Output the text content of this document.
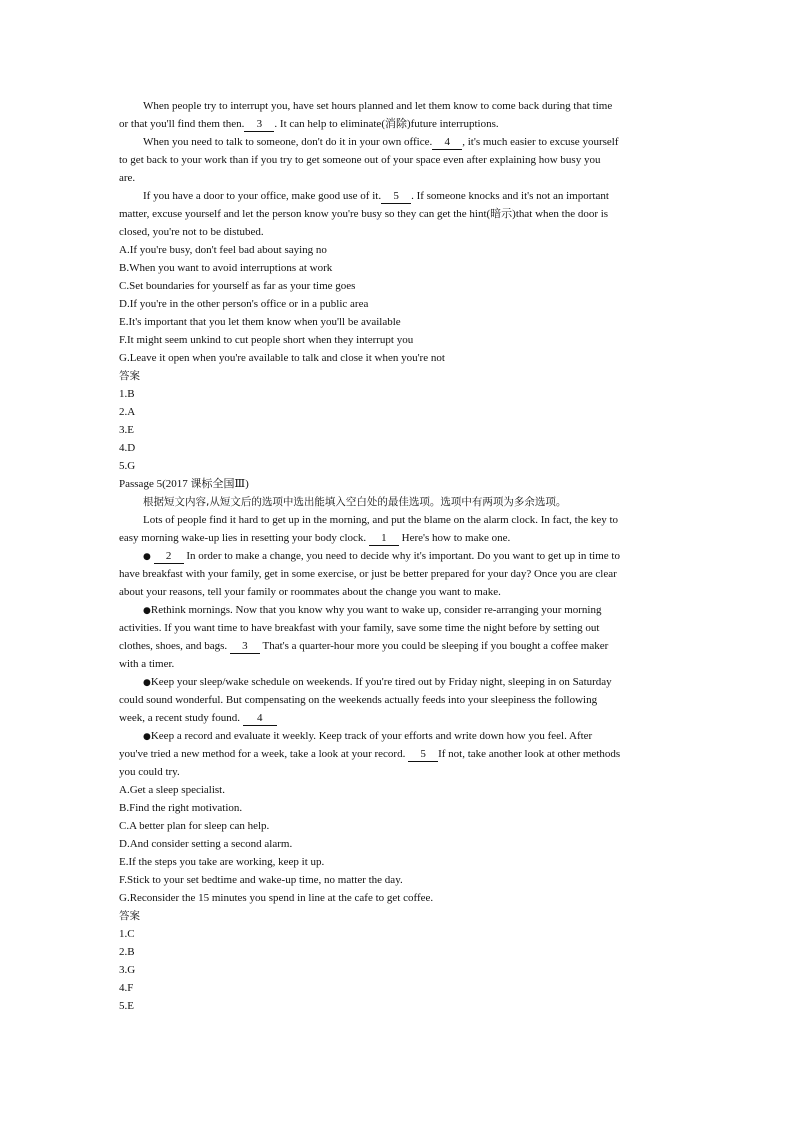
When people try to interrupt you, have set hours planned and let them know to come back during that time

or that you'll find them then. 3 . It can help to eliminate(消除)future interruptions.

When you need to talk to someone, don't do it in your own office. 4 , it's much easier to excuse yourself

to get back to your work than if you try to get someone out of your space even after explaining how busy you

are.

If you have a door to your office, make good use of it. 5 . If someone knocks and it's not an important

matter, excuse yourself and let the person know you're busy so they can get the hint(暗示)that when the door is

closed, you're not to be distubed.

A.If you're busy, don't feel bad about saying no

B.When you want to avoid interruptions at work

C.Set boundaries for yourself as far as your time goes

D.If you're in the other person's office or in a public area

E.It's important that you let them know when you'll be available

F.It might seem unkind to cut people short when they interrupt you

G.Leave it open when you're available to talk and close it when you're not

答案

1.B

2.A

3.E

4.D

5.G

Passage 5(2017 课标全国Ⅲ)

根据短文内容,从短文后的选项中选出能填入空白处的最佳选项。选项中有两项为多余选项。

Lots of people find it hard to get up in the morning, and put the blame on the alarm clock. In fact, the key to

easy morning wake-up lies in resetting your body clock. 1 Here's how to make one.

● 2 In order to make a change, you need to decide why it's important. Do you want to get up in time to

have breakfast with your family, get in some exercise, or just be better prepared for your day? Once you are clear

about your reasons, tell your family or roommates about the change you want to make.

●Rethink mornings. Now that you know why you want to wake up, consider re-arranging your morning

activities. If you want time to have breakfast with your family, save some time the night before by setting out

clothes, shoes, and bags. 3 That's a quarter-hour more you could be sleeping if you bought a coffee maker

with a timer.

●Keep your sleep/wake schedule on weekends. If you're tired out by Friday night, sleeping in on Saturday

could sound wonderful. But compensating on the weekends actually feeds into your sleepiness the following

week, a recent study found. 4

●Keep a record and evaluate it weekly. Keep track of your efforts and write down how you feel. After

you've tried a new method for a week, take a look at your record. 5 If not, take another look at other methods

you could try.

A.Get a sleep specialist.

B.Find the right motivation.

C.A better plan for sleep can help.

D.And consider setting a second alarm.

E.If the steps you take are working, keep it up.

F.Stick to your set bedtime and wake-up time, no matter the day.

G.Reconsider the 15 minutes you spend in line at the cafe to get coffee.

答案

1.C

2.B

3.G

4.F

5.E
